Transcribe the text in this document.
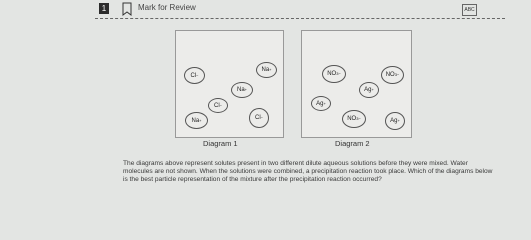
1	Mark for Review	ABC
Cl −
Na +
Na +
Cl −
Cl −
Na +
Diagram 1
NO 3 −	NO 3 −
Ag +
Ag +
NO 3 −	Ag +
Diagram 2
The diagrams above represent solutes present in two different dilute aqueous solutions before they were mixed. Water molecules are not shown. When the solutions were combined, a precipitation reaction took place. Which of the diagrams below is the best particle representation of the mixture after the precipitation reaction occurred?
